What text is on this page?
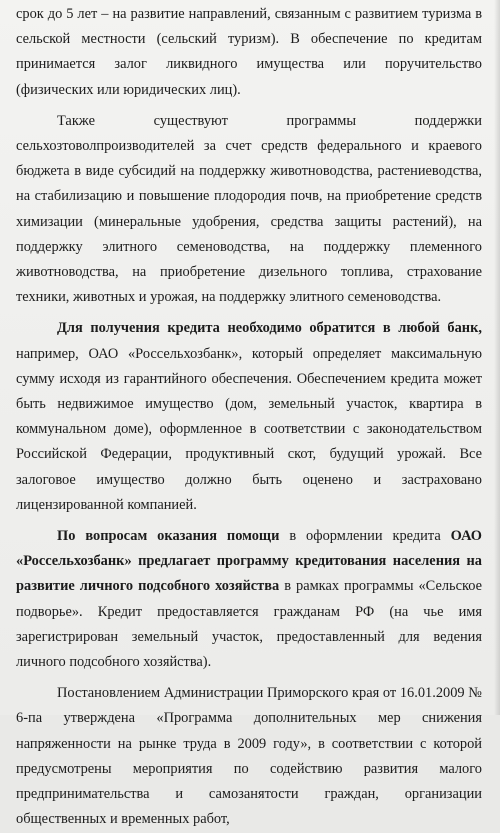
срок до 5 лет – на развитие направлений, связанным с развитием туризма в сельской местности (сельский туризм). В обеспечение по кредитам принимается залог ликвидного имущества или поручительство (физических или юридических лиц).

Также существуют программы поддержки сельхозтоволпроизводителей за счет средств федерального и краевого бюджета в виде субсидий на поддержку животноводства, растениеводства, на стабилизацию и повышение плодородия почв, на приобретение средств химизации (минеральные удобрения, средства защиты растений), на поддержку элитного семеноводства, на поддержку племенного животноводства, на приобретение дизельного топлива, страхование техники, животных и урожая, на поддержку элитного семеноводства.

Для получения кредита необходимо обратится в любой банк, например, ОАО «Россельхозбанк», который определяет максимальную сумму исходя из гарантийного обеспечения. Обеспечением кредита может быть недвижимое имущество (дом, земельный участок, квартира в коммунальном доме), оформленное в соответствии с законодательством Российской Федерации, продуктивный скот, будущий урожай. Все залоговое имущество должно быть оценено и застраховано лицензированной компанией.

По вопросам оказания помощи в оформлении кредита ОАО «Россельхозбанк» предлагает программу кредитования населения на развитие личного подсобного хозяйства в рамках программы «Сельское подворье». Кредит предоставляется гражданам РФ (на чье имя зарегистрирован земельный участок, предоставленный для ведения личного подсобного хозяйства).

Постановлением Администрации Приморского края от 16.01.2009 № 6-па утверждена «Программа дополнительных мер снижения напряженности на рынке труда в 2009 году», в соответствии с которой предусмотрены мероприятия по содействию развития малого предпринимательства и самозанятости граждан, организации общественных и временных работ,
